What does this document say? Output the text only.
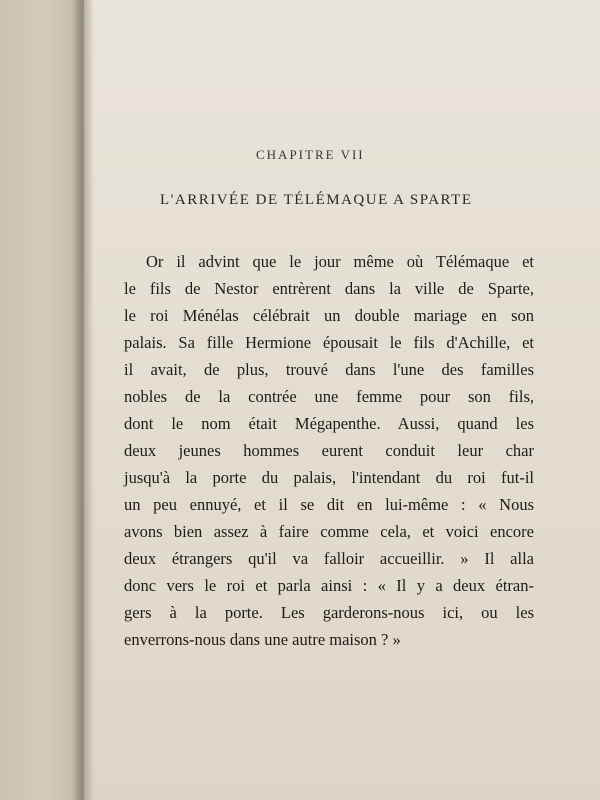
CHAPITRE VII
L'ARRIVÉE DE TÉLÉMAQUE A SPARTE
Or il advint que le jour même où Télémaque et
le fils de Nestor entrèrent dans la ville de Sparte,
le roi Ménélas célébrait un double mariage en son
palais. Sa fille Hermione épousait le fils d'Achille, et
il avait, de plus, trouvé dans l'une des familles
nobles de la contrée une femme pour son fils,
dont le nom était Mégapenthe. Aussi, quand les
deux jeunes hommes eurent conduit leur char
jusqu'à la porte du palais, l'intendant du roi fut-il
un peu ennuyé, et il se dit en lui-même : « Nous
avons bien assez à faire comme cela, et voici encore
deux étrangers qu'il va falloir accueillir. » Il alla
donc vers le roi et parla ainsi : « Il y a deux étran-
gers à la porte. Les garderons-nous ici, ou les
enverrons-nous dans une autre maison ? »
